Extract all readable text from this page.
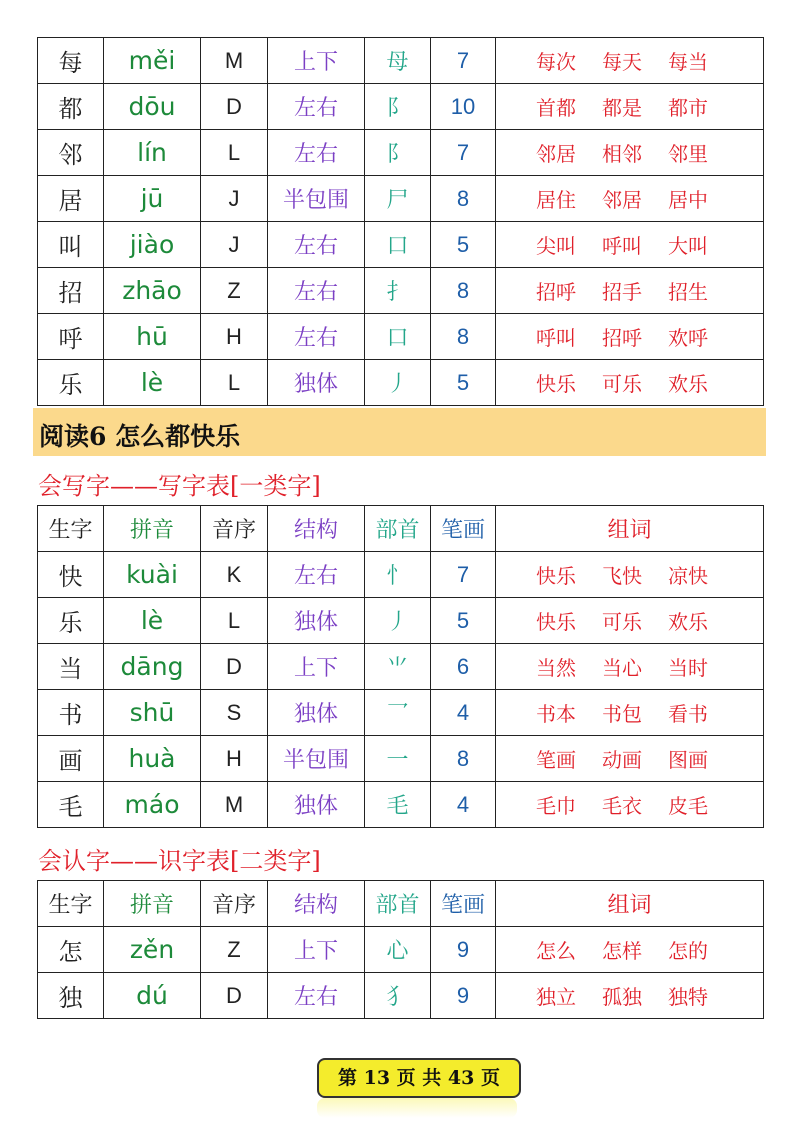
每	měi	M	上下	母	7	每次 每天 每当
都	dōu	D	左右	阝	10	首都 都是 都市
邻	lín	L	左右	阝	7	邻居 相邻 邻里
居	jū	J	半包围	尸	8	居住 邻居 居中
叫	jiào	J	左右	口	5	尖叫 呼叫 大叫
招	zhāo	Z	左右	扌	8	招呼 招手 招生
呼	hū	H	左右	口	8	呼叫 招呼 欢呼
乐	lè	L	独体	丿	5	快乐 可乐 欢乐
阅读6 怎么都快乐
会写字——写字表[一类字]
生字	拼音	音序	结构	部首	笔画	组词
快	kuài	K	左右	忄	7	快乐 飞快 凉快
乐	lè	L	独体	丿	5	快乐 可乐 欢乐
当	dāng	D	上下	⺌	6	当然 当心 当时
书	shū	S	独体	乛	4	书本 书包 看书
画	huà	H	半包围	一	8	笔画 动画 图画
毛	máo	M	独体	毛	4	毛巾 毛衣 皮毛
会认字——识字表[二类字]
生字	拼音	音序	结构	部首	笔画	组词
怎	zěn	Z	上下	心	9	怎么 怎样 怎的
独	dú	D	左右	犭	9	独立 孤独 独特
第 13 页 共 43 页
